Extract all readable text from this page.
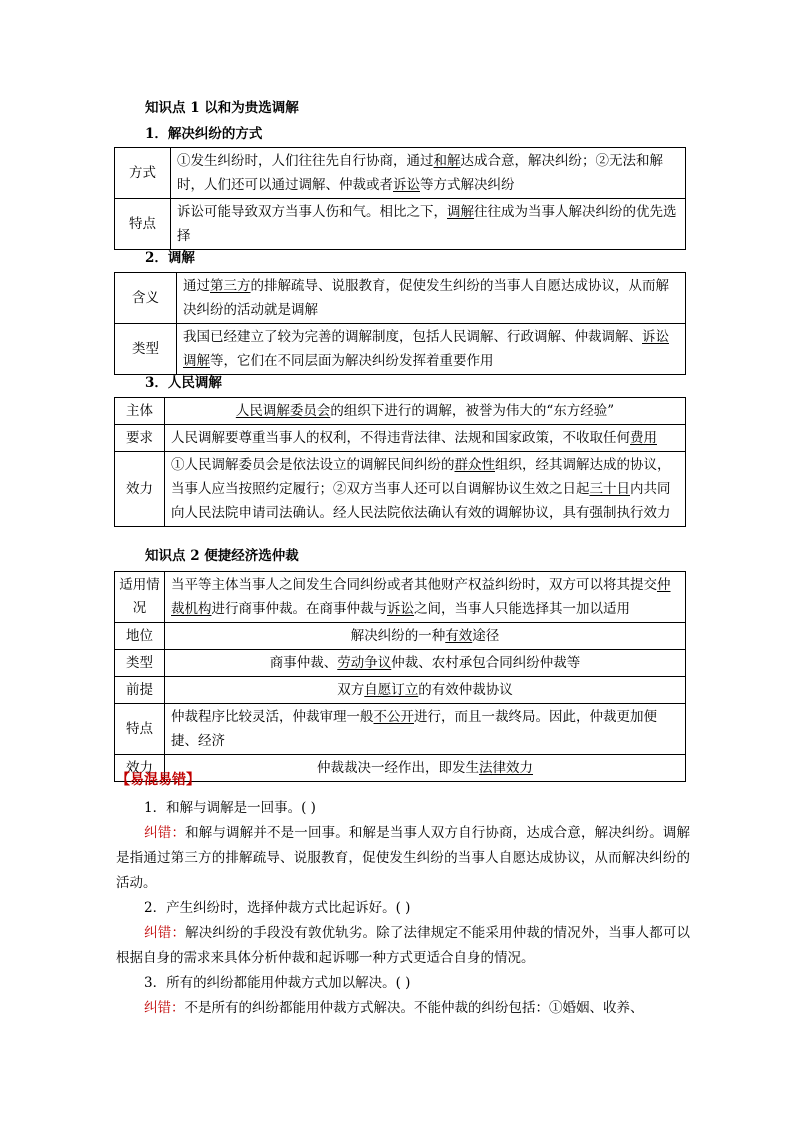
知识点 1 以和为贵选调解
1．解决纠纷的方式
方式	①发生纠纷时，人们往往先自行协商，通过和解达成合意，解决纠纷；②无法和解时，人们还可以通过调解、仲裁或者诉讼等方式解决纠纷
特点	诉讼可能导致双方当事人伤和气。相比之下，调解往往成为当事人解决纠纷的优先选择
2．调解
含义	通过第三方的排解疏导、说服教育，促使发生纠纷的当事人自愿达成协议，从而解决纠纷的活动就是调解
类型	我国已经建立了较为完善的调解制度，包括人民调解、行政调解、仲裁调解、诉讼调解等，它们在不同层面为解决纠纷发挥着重要作用
3．人民调解
主体	人民调解委员会的组织下进行的调解，被誉为伟大的“东方经验”
要求	人民调解要尊重当事人的权利，不得违背法律、法规和国家政策，不收取任何费用
效力	①人民调解委员会是依法设立的调解民间纠纷的群众性组织，经其调解达成的协议，当事人应当按照约定履行；②双方当事人还可以自调解协议生效之日起三十日内共同向人民法院申请司法确认。经人民法院依法确认有效的调解协议，具有强制执行效力
知识点 2 便捷经济选仲裁
适用情况	当平等主体当事人之间发生合同纠纷或者其他财产权益纠纷时，双方可以将其提交仲裁机构进行商事仲裁。在商事仲裁与诉讼之间，当事人只能选择其一加以适用
地位	解决纠纷的一种有效途径
类型	商事仲裁、劳动争议仲裁、农村承包合同纠纷仲裁等
前提	双方自愿订立的有效仲裁协议
特点	仲裁程序比较灵活，仲裁审理一般不公开进行，而且一裁终局。因此，仲裁更加便捷、经济
效力	仲裁裁决一经作出，即发生法律效力
【易混易错】
1．和解与调解是一回事。( )
纠错：和解与调解并不是一回事。和解是当事人双方自行协商，达成合意，解决纠纷。调解是指通过第三方的排解疏导、说服教育，促使发生纠纷的当事人自愿达成协议，从而解决纠纷的活动。
2．产生纠纷时，选择仲裁方式比起诉好。( )
纠错：解决纠纷的手段没有敦优轨劣。除了法律规定不能采用仲裁的情况外，当事人都可以根据自身的需求来具体分析仲裁和起诉哪一种方式更适合自身的情况。
3．所有的纠纷都能用仲裁方式加以解决。( )
纠错：不是所有的纠纷都能用仲裁方式解决。不能仲裁的纠纷包括：①婚姻、收养、
